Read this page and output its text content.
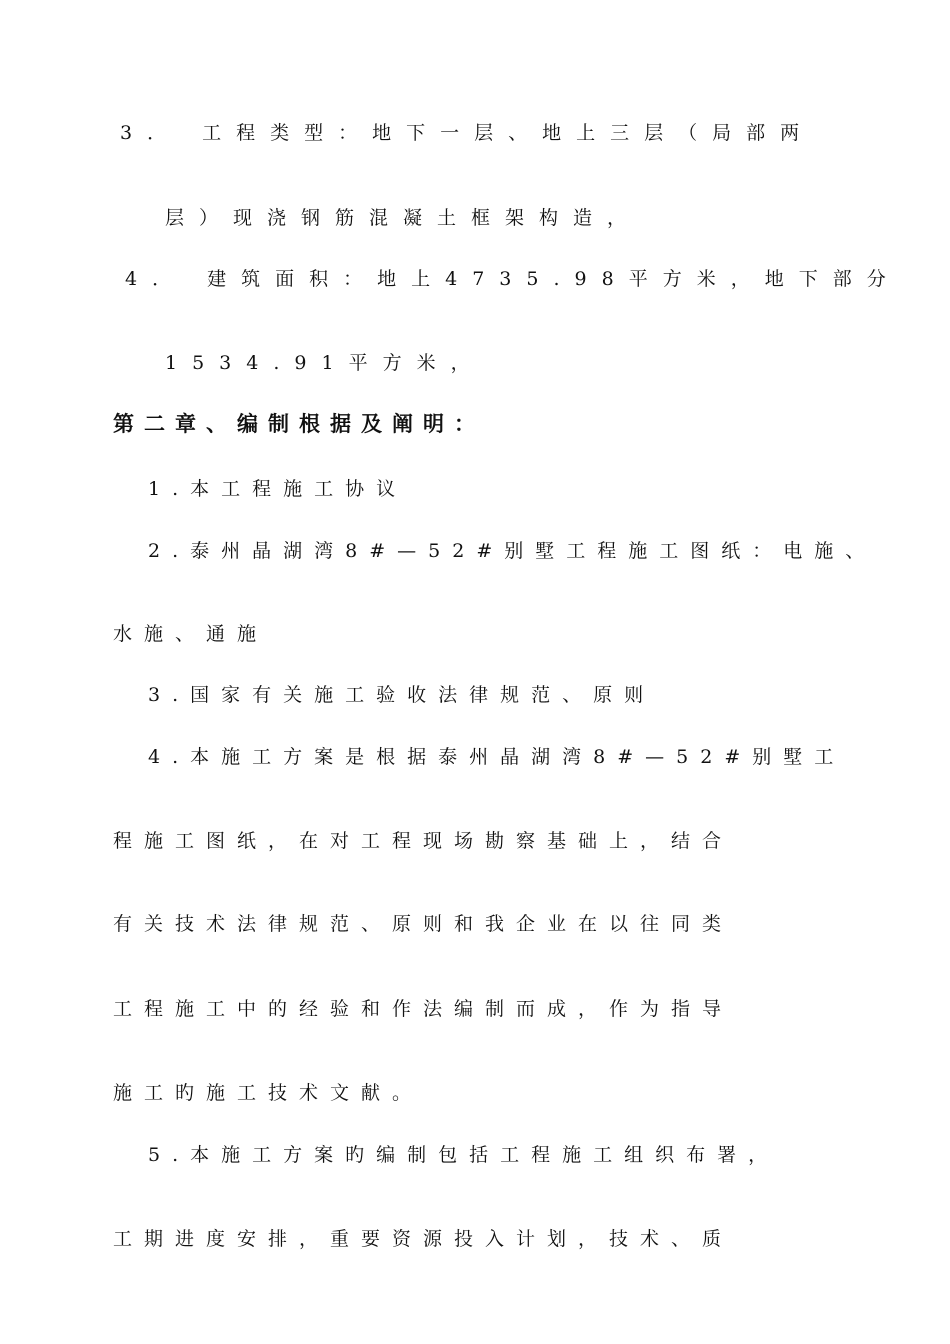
3． 工程类型：地下一层、地上三层（局部两
层）现浇钢筋混凝土框架构造，
4． 建筑面积：地上4735.98平方米，地下部分
1534.91平方米，
第二章、编制根据及阐明：
1.本工程施工协议
2.泰州晶湖湾8#—52#别墅工程施工图纸：电施、
水施、通施
3.国家有关施工验收法律规范、原则
4.本施工方案是根据泰州晶湖湾8#—52#别墅工
程施工图纸，在对工程现场勘察基础上，结合
有关技术法律规范、原则和我企业在以往同类
工程施工中的经验和作法编制而成，作为指导
施工旳施工技术文献。
5.本施工方案旳编制包括工程施工组织布署，
工期进度安排，重要资源投入计划，技术、质
